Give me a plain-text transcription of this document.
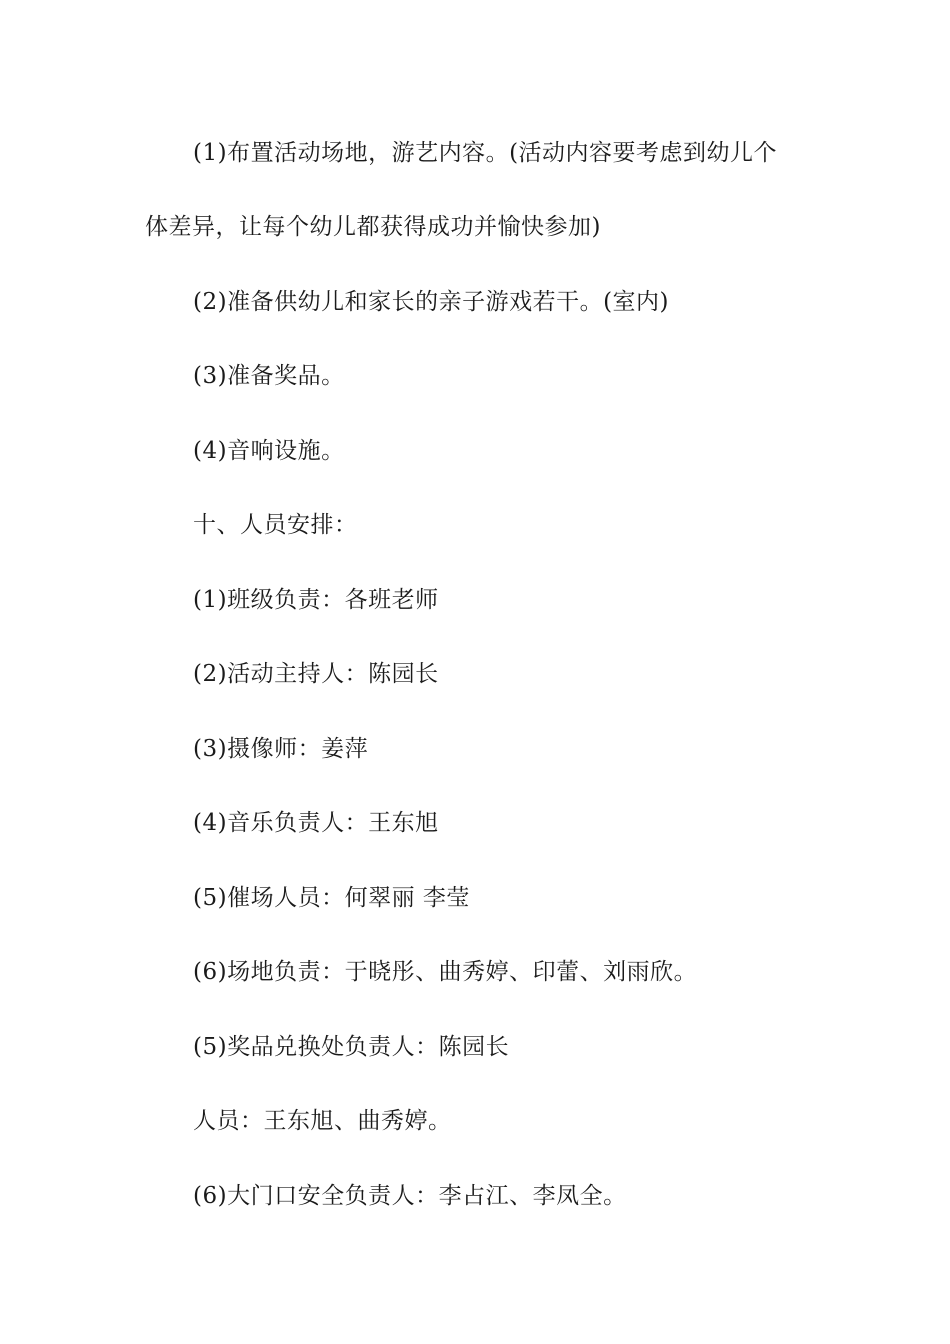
(1)布置活动场地，游艺内容。(活动内容要考虑到幼儿个
体差异，让每个幼儿都获得成功并愉快参加)
(2)准备供幼儿和家长的亲子游戏若干。(室内)
(3)准备奖品。
(4)音响设施。
十、人员安排：
(1)班级负责：各班老师
(2)活动主持人：陈园长
(3)摄像师：姜萍
(4)音乐负责人：王东旭
(5)催场人员：何翠丽 李莹
(6)场地负责：于晓彤、曲秀婷、印蕾、刘雨欣。
(5)奖品兑换处负责人：陈园长
人员：王东旭、曲秀婷。
(6)大门口安全负责人：李占江、李凤全。
